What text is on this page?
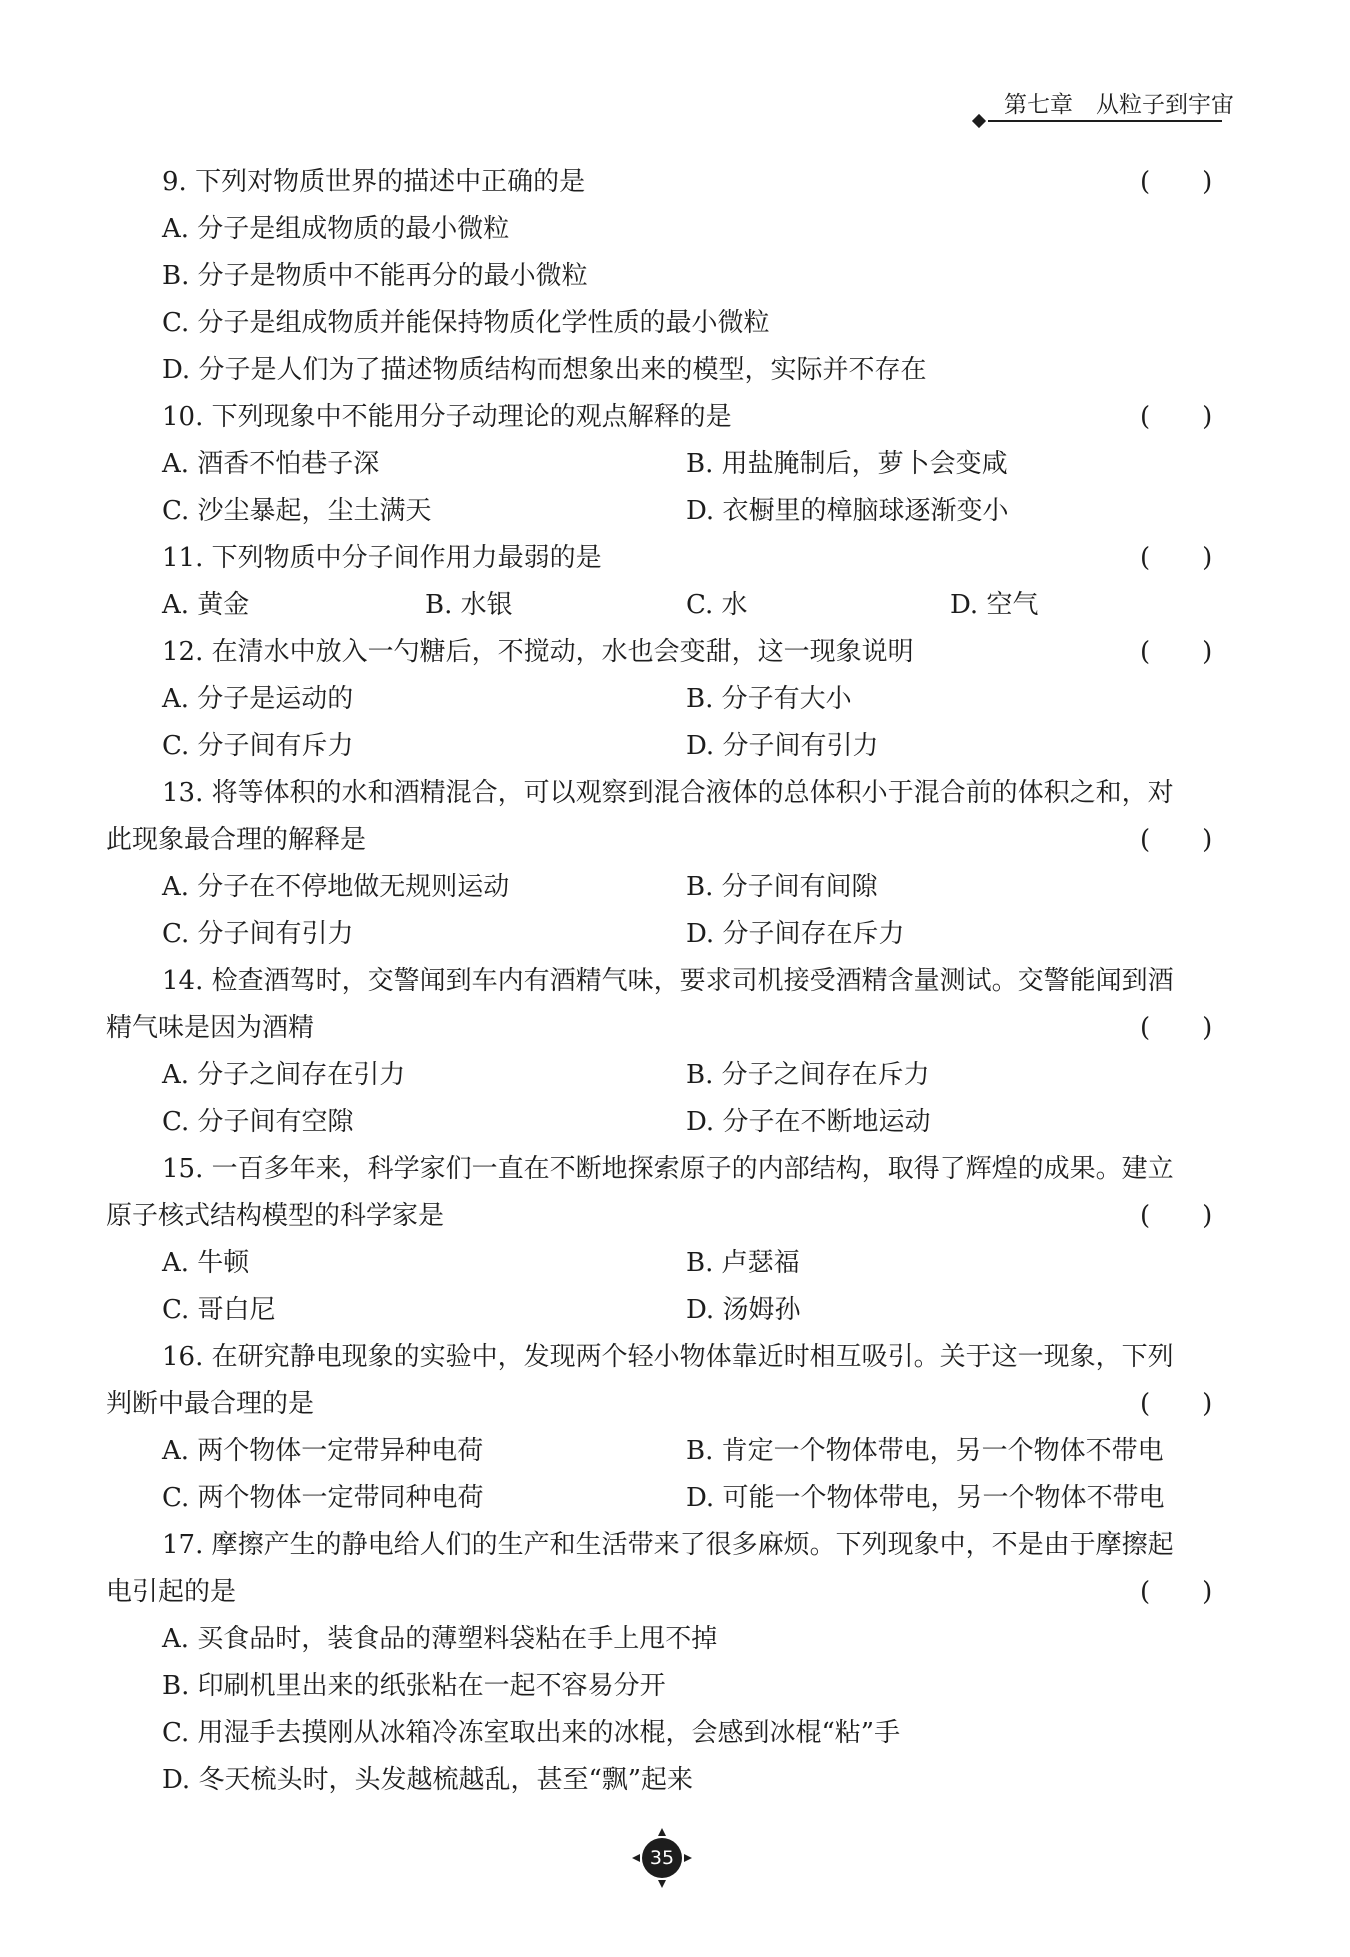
第七章　从粒子到宇宙
9. 下列对物质世界的描述中正确的是	(　　)
A. 分子是组成物质的最小微粒
B. 分子是物质中不能再分的最小微粒
C. 分子是组成物质并能保持物质化学性质的最小微粒
D. 分子是人们为了描述物质结构而想象出来的模型，实际并不存在
10. 下列现象中不能用分子动理论的观点解释的是	(　　)
A. 酒香不怕巷子深	B. 用盐腌制后，萝卜会变咸
C. 沙尘暴起，尘土满天	D. 衣橱里的樟脑球逐渐变小
11. 下列物质中分子间作用力最弱的是	(　　)
A. 黄金	B. 水银	C. 水	D. 空气
12. 在清水中放入一勺糖后，不搅动，水也会变甜，这一现象说明	(　　)
A. 分子是运动的	B. 分子有大小
C. 分子间有斥力	D. 分子间有引力
13. 将等体积的水和酒精混合，可以观察到混合液体的总体积小于混合前的体积之和，对
此现象最合理的解释是	(　　)
A. 分子在不停地做无规则运动	B. 分子间有间隙
C. 分子间有引力	D. 分子间存在斥力
14. 检查酒驾时，交警闻到车内有酒精气味，要求司机接受酒精含量测试。交警能闻到酒
精气味是因为酒精	(　　)
A. 分子之间存在引力	B. 分子之间存在斥力
C. 分子间有空隙	D. 分子在不断地运动
15. 一百多年来，科学家们一直在不断地探索原子的内部结构，取得了辉煌的成果。建立
原子核式结构模型的科学家是	(　　)
A. 牛顿	B. 卢瑟福
C. 哥白尼	D. 汤姆孙
16. 在研究静电现象的实验中，发现两个轻小物体靠近时相互吸引。关于这一现象，下列
判断中最合理的是	(　　)
A. 两个物体一定带异种电荷	B. 肯定一个物体带电，另一个物体不带电
C. 两个物体一定带同种电荷	D. 可能一个物体带电，另一个物体不带电
17. 摩擦产生的静电给人们的生产和生活带来了很多麻烦。下列现象中，不是由于摩擦起
电引起的是	(　　)
A. 买食品时，装食品的薄塑料袋粘在手上甩不掉
B. 印刷机里出来的纸张粘在一起不容易分开
C. 用湿手去摸刚从冰箱冷冻室取出来的冰棍，会感到冰棍“粘”手
D. 冬天梳头时，头发越梳越乱，甚至“飘”起来
35
